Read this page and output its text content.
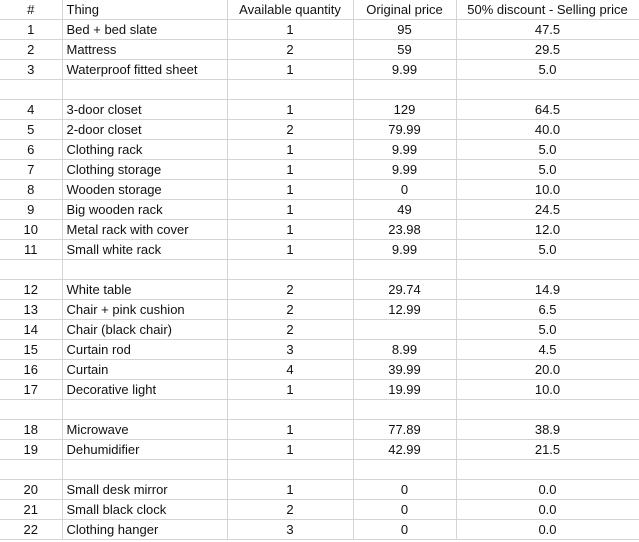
#	Thing	Available quantity	Original price	50% discount - Selling price
1	Bed + bed slate	1	95	47.5
2	Mattress	2	59	29.5
3	Waterproof fitted sheet	1	9.99	5.0

4	3-door closet	1	129	64.5
5	2-door closet	2	79.99	40.0
6	Clothing rack	1	9.99	5.0
7	Clothing storage	1	9.99	5.0
8	Wooden storage	1	0	10.0
9	Big wooden rack	1	49	24.5
10	Metal rack with cover	1	23.98	12.0
11	Small white rack	1	9.99	5.0

12	White table	2	29.74	14.9
13	Chair + pink cushion	2	12.99	6.5
14	Chair (black chair)	2		5.0
15	Curtain rod	3	8.99	4.5
16	Curtain	4	39.99	20.0
17	Decorative light	1	19.99	10.0

18	Microwave	1	77.89	38.9
19	Dehumidifier	1	42.99	21.5

20	Small desk mirror	1	0	0.0
21	Small black clock	2	0	0.0
22	Clothing hanger	3	0	0.0
